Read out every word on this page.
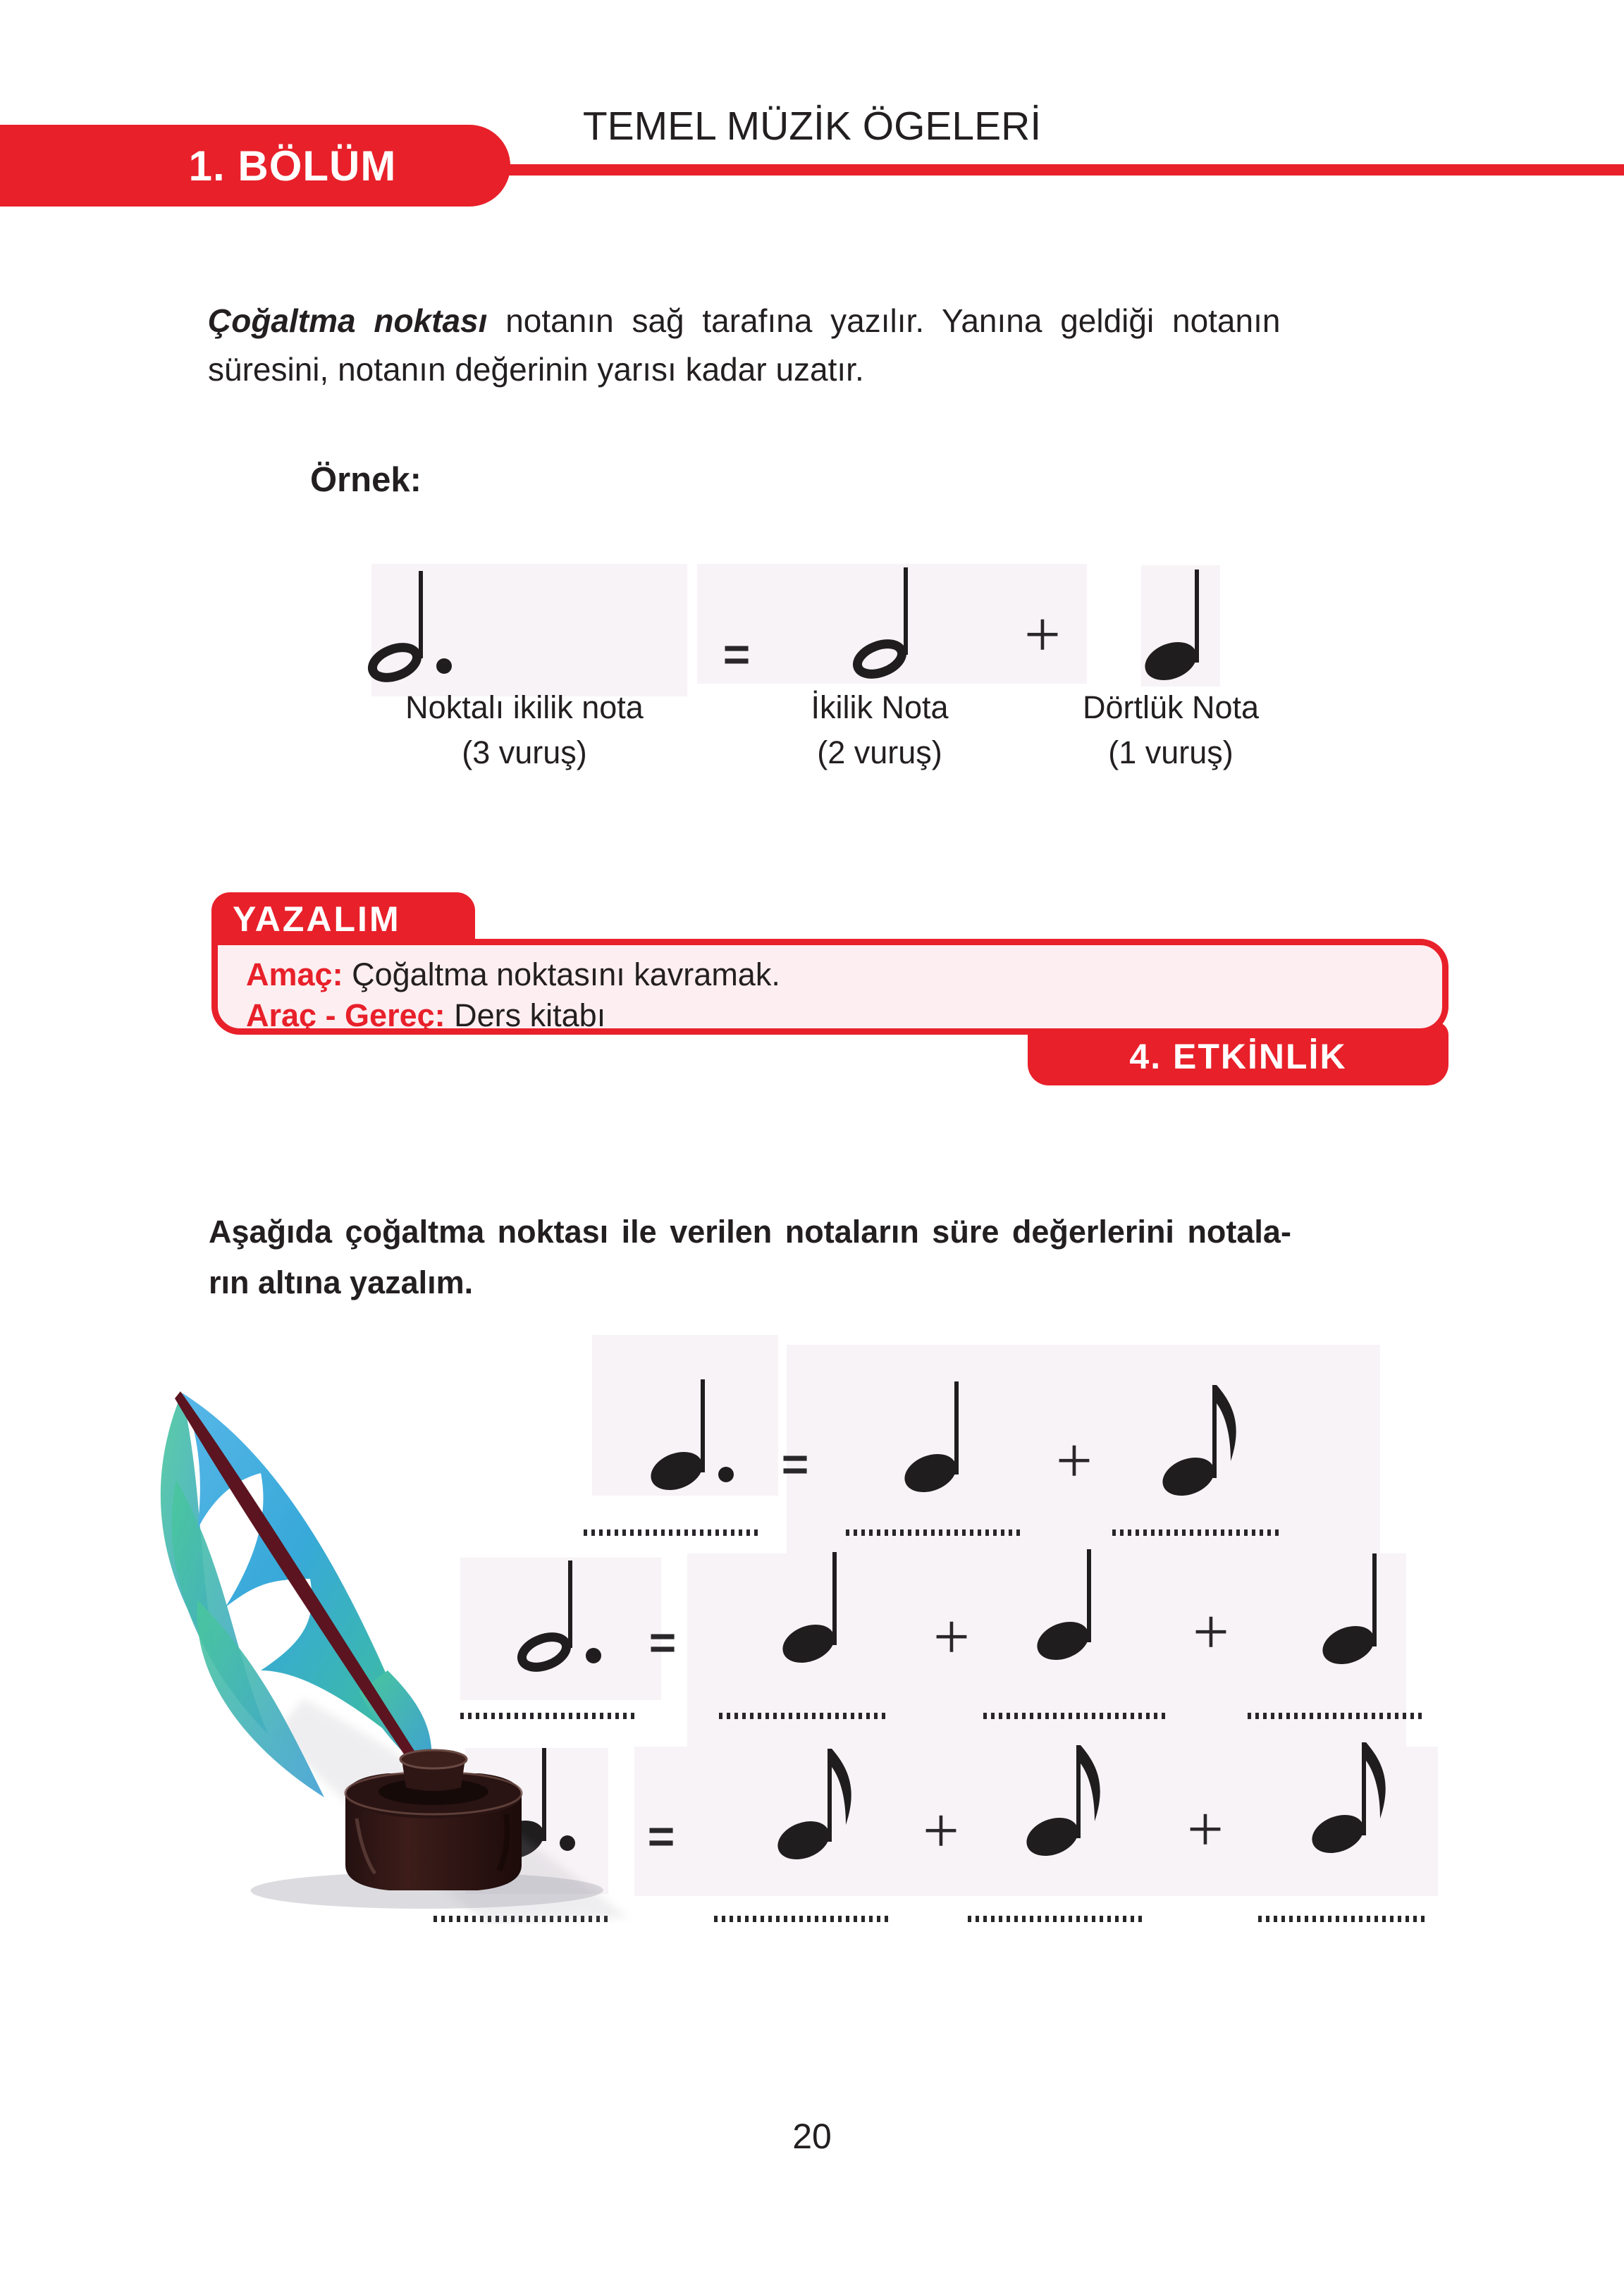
TEMEL MÜZİK ÖGELERİ
1. BÖLÜM
Çoğaltma noktası notanın sağ tarafına yazılır. Yanına geldiği notanın
süresini, notanın değerinin yarısı kadar uzatır.
Örnek:
=	+
Noktalı ikilik nota
(3 vuruş)
İkilik Nota
(2 vuruş)
Dörtlük Nota
(1 vuruş)
YAZALIM
4. ETKİNLİK
Amaç: Çoğaltma noktasını kavramak.
Araç - Gereç: Ders kitabı
Aşağıda çoğaltma noktası ile verilen notaların süre değerlerini notala-
rın altına yazalım.
=	+
=	+	+
=	+	+
20
